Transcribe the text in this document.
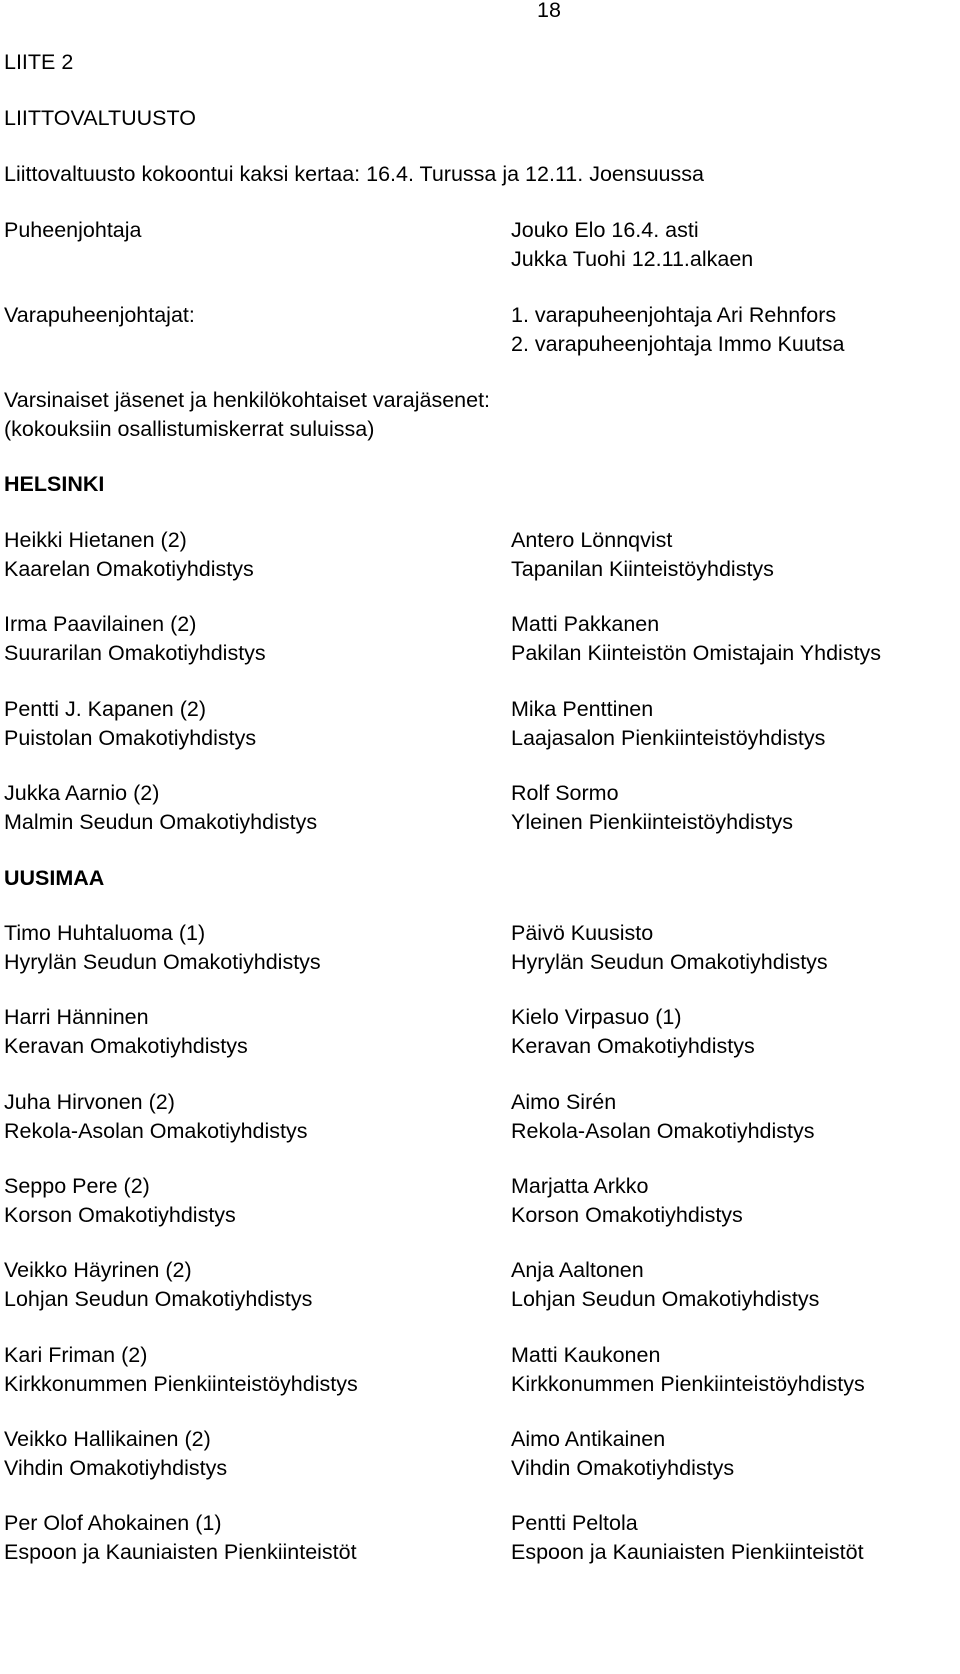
18
LIITE 2
LIITTOVALTUUSTO
Liittovaltuusto kokoontui kaksi kertaa: 16.4. Turussa ja 12.11. Joensuussa
Puheenjohtaja	Jouko Elo 16.4. asti
Jukka Tuohi 12.11.alkaen
Varapuheenjohtajat:	1. varapuheenjohtaja Ari Rehnfors
2. varapuheenjohtaja Immo Kuutsa
Varsinaiset jäsenet ja henkilökohtaiset varajäsenet:
(kokouksiin osallistumiskerrat suluissa)
HELSINKI
Heikki Hietanen (2)
Kaarelan Omakotiyhdistys
Antero Lönnqvist
Tapanilan Kiinteistöyhdistys
Irma Paavilainen (2)
Suurarilan Omakotiyhdistys
Matti Pakkanen
Pakilan Kiinteistön Omistajain Yhdistys
Pentti J. Kapanen (2)
Puistolan Omakotiyhdistys
Mika Penttinen
Laajasalon Pienkiinteistöyhdistys
Jukka Aarnio (2)
Malmin Seudun Omakotiyhdistys
Rolf Sormo
Yleinen Pienkiinteistöyhdistys
UUSIMAA
Timo Huhtaluoma (1)
Hyrylän Seudun Omakotiyhdistys
Päivö Kuusisto
Hyrylän Seudun Omakotiyhdistys
Harri Hänninen
Keravan Omakotiyhdistys
Kielo Virpasuo (1)
Keravan Omakotiyhdistys
Juha Hirvonen (2)
Rekola-Asolan Omakotiyhdistys
Aimo Sirén
Rekola-Asolan Omakotiyhdistys
Seppo Pere (2)
Korson Omakotiyhdistys
Marjatta Arkko
Korson Omakotiyhdistys
Veikko Häyrinen (2)
Lohjan Seudun Omakotiyhdistys
Anja Aaltonen
Lohjan Seudun Omakotiyhdistys
Kari Friman (2)
Kirkkonummen Pienkiinteistöyhdistys
Matti Kaukonen
Kirkkonummen Pienkiinteistöyhdistys
Veikko Hallikainen (2)
Vihdin Omakotiyhdistys
Aimo Antikainen
Vihdin Omakotiyhdistys
Per Olof Ahokainen (1)
Espoon ja Kauniaisten Pienkiinteistöt
Pentti Peltola
Espoon ja Kauniaisten Pienkiinteistöt
